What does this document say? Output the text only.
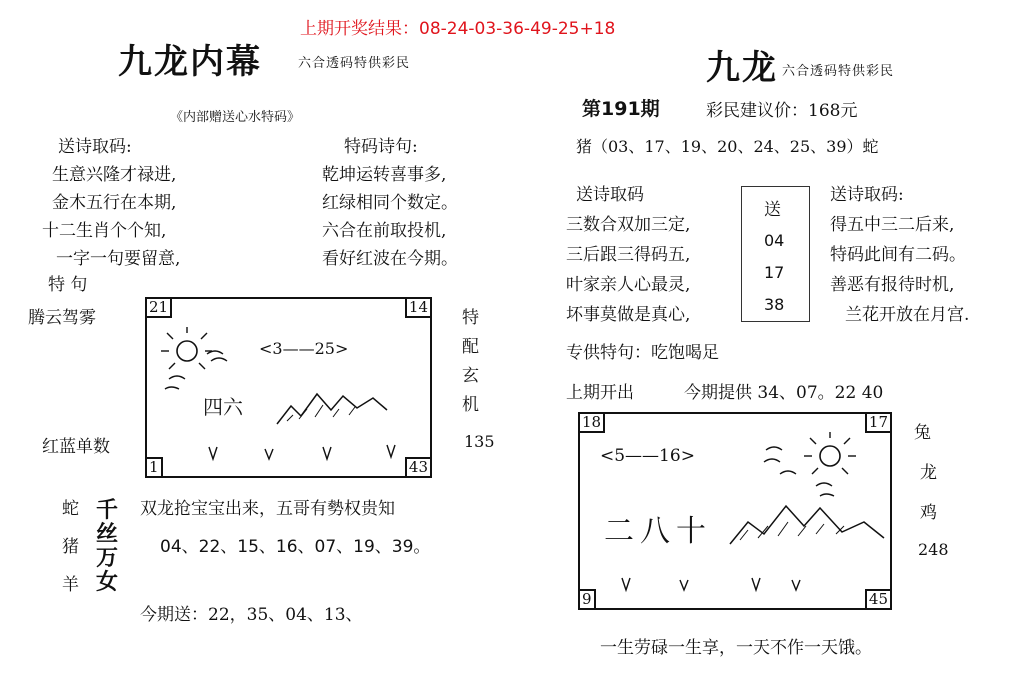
上期开奖结果：08-24-03-36-49-25+18
九龙内幕	六合透码特供彩民
《内部赠送心水特码》
送诗取码:
生意兴隆才禄进,
金木五行在本期,
十二生肖个个知,
一字一句要留意,
特 句
腾云驾雾
特码诗句:
乾坤运转喜事多,
红绿相同个数定。
六合在前取投机,
看好红波在今期。
<3——25>
四六
21	14
1	43
特
配
玄
机
135
红蓝单数
蛇
猪
羊
千丝万女
双龙抢宝宝出来，五哥有勢权贵知
04、22、15、16、07、19、39。
今期送：22，35、04、13、
九龙 六合透码特供彩民
第191期	彩民建议价：168元
猪（03、17、19、20、24、25、39）蛇
送诗取码
三数合双加三定,
三后跟三得码五,
叶家亲人心最灵,
坏事莫做是真心,
送
04
17
38
送诗取码:
得五中三二后来,
特码此间有二码。
善恶有报待时机,
兰花开放在月宫.
专供特句：吃饱喝足
上期开出	今期提供 34、07。22 40
<5——16>
二八十
18	17
9	45
兔
龙
鸡
248
一生劳碌一生享，一天不作一天饿。
